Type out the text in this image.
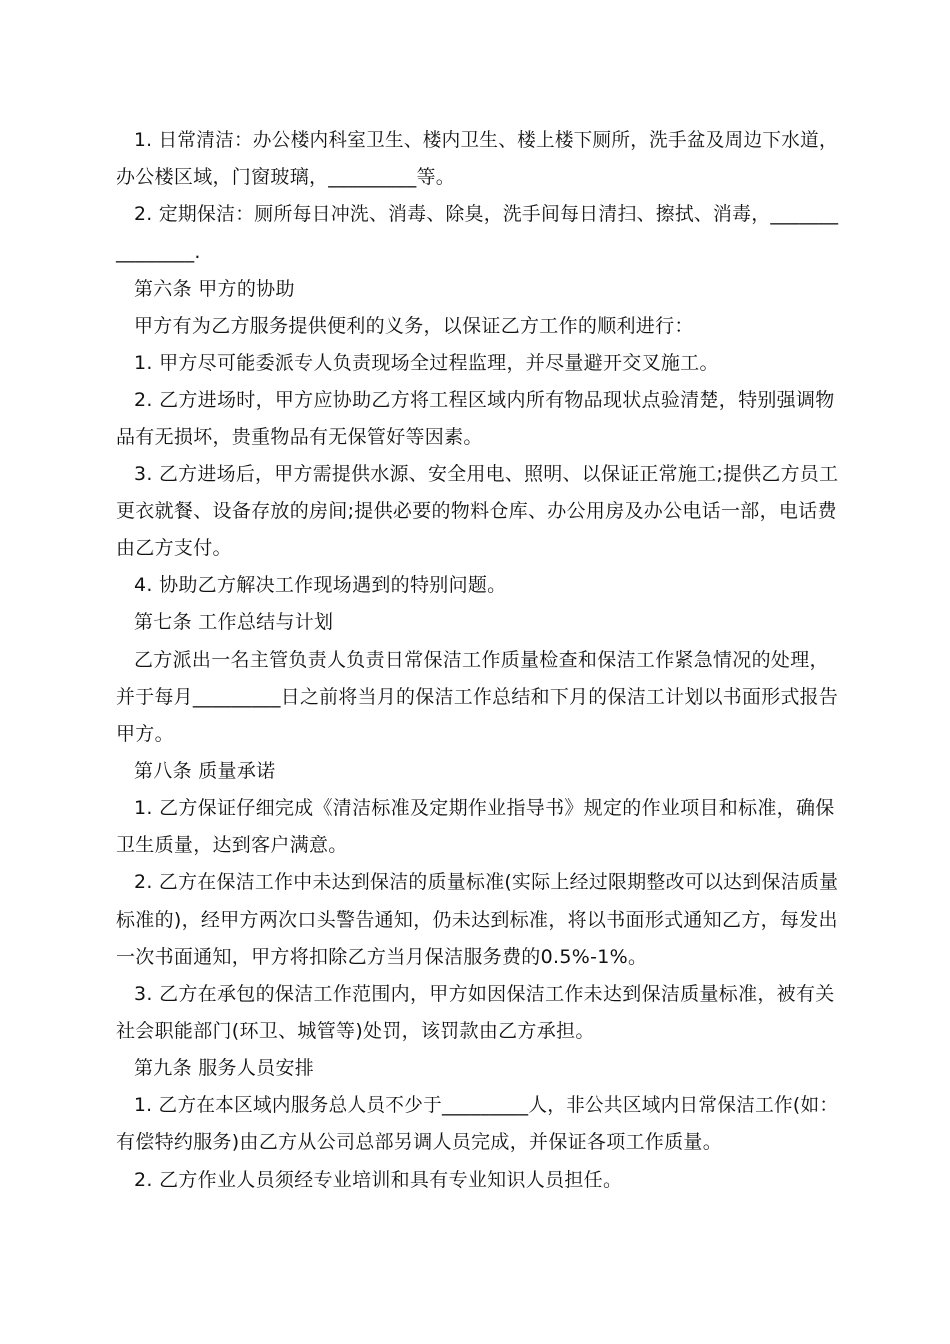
1. 日常清洁：办公楼内科室卫生、楼内卫生、楼上楼下厕所，洗手盆及周边下水道，
办公楼区域，门窗玻璃，_________等。
2. 定期保洁：厕所每日冲洗、消毒、除臭，洗手间每日清扫、擦拭、消毒，_______
________.
第六条 甲方的协助
甲方有为乙方服务提供便利的义务，以保证乙方工作的顺利进行：
1. 甲方尽可能委派专人负责现场全过程监理，并尽量避开交叉施工。
2. 乙方进场时，甲方应协助乙方将工程区域内所有物品现状点验清楚，特别强调物
品有无损坏，贵重物品有无保管好等因素。
3. 乙方进场后，甲方需提供水源、安全用电、照明、以保证正常施工;提供乙方员工
更衣就餐、设备存放的房间;提供必要的物料仓库、办公用房及办公电话一部，电话费
由乙方支付。
4. 协助乙方解决工作现场遇到的特别问题。
第七条 工作总结与计划
乙方派出一名主管负责人负责日常保洁工作质量检查和保洁工作紧急情况的处理，
并于每月_________日之前将当月的保洁工作总结和下月的保洁工计划以书面形式报告
甲方。
第八条 质量承诺
1. 乙方保证仔细完成《清洁标准及定期作业指导书》规定的作业项目和标准，确保
卫生质量，达到客户满意。
2. 乙方在保洁工作中未达到保洁的质量标准(实际上经过限期整改可以达到保洁质量
标准的)，经甲方两次口头警告通知，仍未达到标准，将以书面形式通知乙方，每发出
一次书面通知，甲方将扣除乙方当月保洁服务费的0.5%-1%。
3. 乙方在承包的保洁工作范围内，甲方如因保洁工作未达到保洁质量标准，被有关
社会职能部门(环卫、城管等)处罚，该罚款由乙方承担。
第九条 服务人员安排
1. 乙方在本区域内服务总人员不少于_________人，非公共区域内日常保洁工作(如：
有偿特约服务)由乙方从公司总部另调人员完成，并保证各项工作质量。
2. 乙方作业人员须经专业培训和具有专业知识人员担任。
